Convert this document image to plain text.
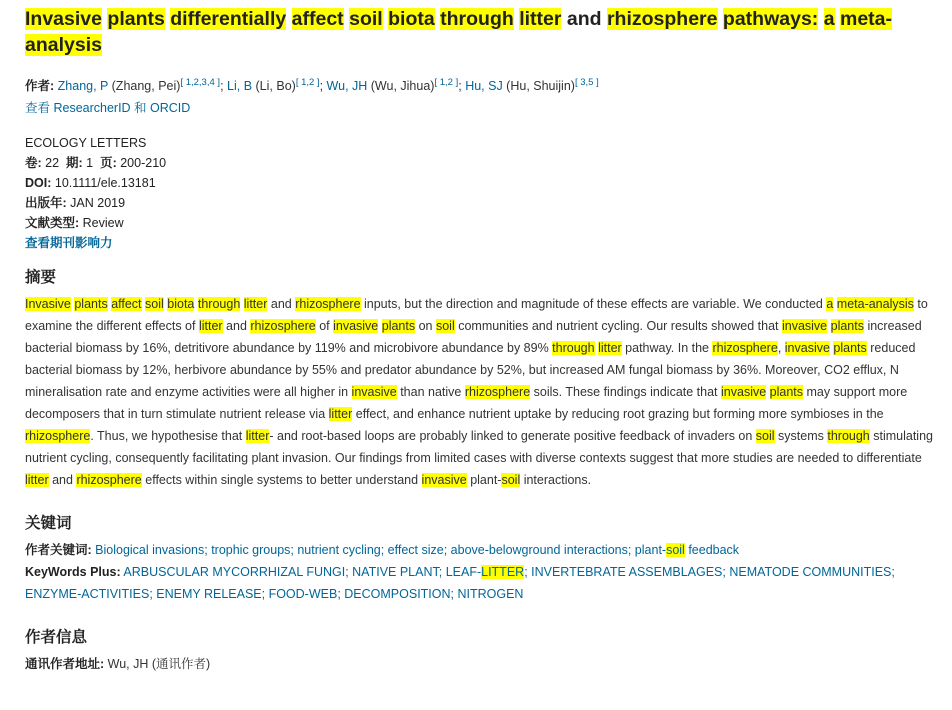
Invasive plants differentially affect soil biota through litter and rhizosphere pathways: a meta-analysis
作者: Zhang, P (Zhang, Pei)[ 1,2,3,4 ]; Li, B (Li, Bo)[ 1,2 ]; Wu, JH (Wu, Jihua)[ 1,2 ]; Hu, SJ (Hu, Shuijin)[ 3,5 ]
查看 ResearcherID 和 ORCID
ECOLOGY LETTERS
卷: 22 期: 1 页: 200-210
DOI: 10.1111/ele.13181
出版年: JAN 2019
文献类型: Review
查看期刊影响力
摘要
Invasive plants affect soil biota through litter and rhizosphere inputs, but the direction and magnitude of these effects are variable. We conducted a meta-analysis to examine the different effects of litter and rhizosphere of invasive plants on soil communities and nutrient cycling. Our results showed that invasive plants increased bacterial biomass by 16%, detritivore abundance by 119% and microbivore abundance by 89% through litter pathway. In the rhizosphere, invasive plants reduced bacterial biomass by 12%, herbivore abundance by 55% and predator abundance by 52%, but increased AM fungal biomass by 36%. Moreover, CO2 efflux, N mineralisation rate and enzyme activities were all higher in invasive than native rhizosphere soils. These findings indicate that invasive plants may support more decomposers that in turn stimulate nutrient release via litter effect, and enhance nutrient uptake by reducing root grazing but forming more symbioses in the rhizosphere. Thus, we hypothesise that litter- and root-based loops are probably linked to generate positive feedback of invaders on soil systems through stimulating nutrient cycling, consequently facilitating plant invasion. Our findings from limited cases with diverse contexts suggest that more studies are needed to differentiate litter and rhizosphere effects within single systems to better understand invasive plant-soil interactions.
关键词
作者关键词: Biological invasions; trophic groups; nutrient cycling; effect size; above-belowground interactions; plant-soil feedback
KeyWords Plus: ARBUSCULAR MYCORRHIZAL FUNGI; NATIVE PLANT; LEAF-LITTER; INVERTEBRATE ASSEMBLAGES; NEMATODE COMMUNITIES; ENZYME-ACTIVITIES; ENEMY RELEASE; FOOD-WEB; DECOMPOSITION; NITROGEN
作者信息
通讯作者地址: Wu, JH (通讯作者)
